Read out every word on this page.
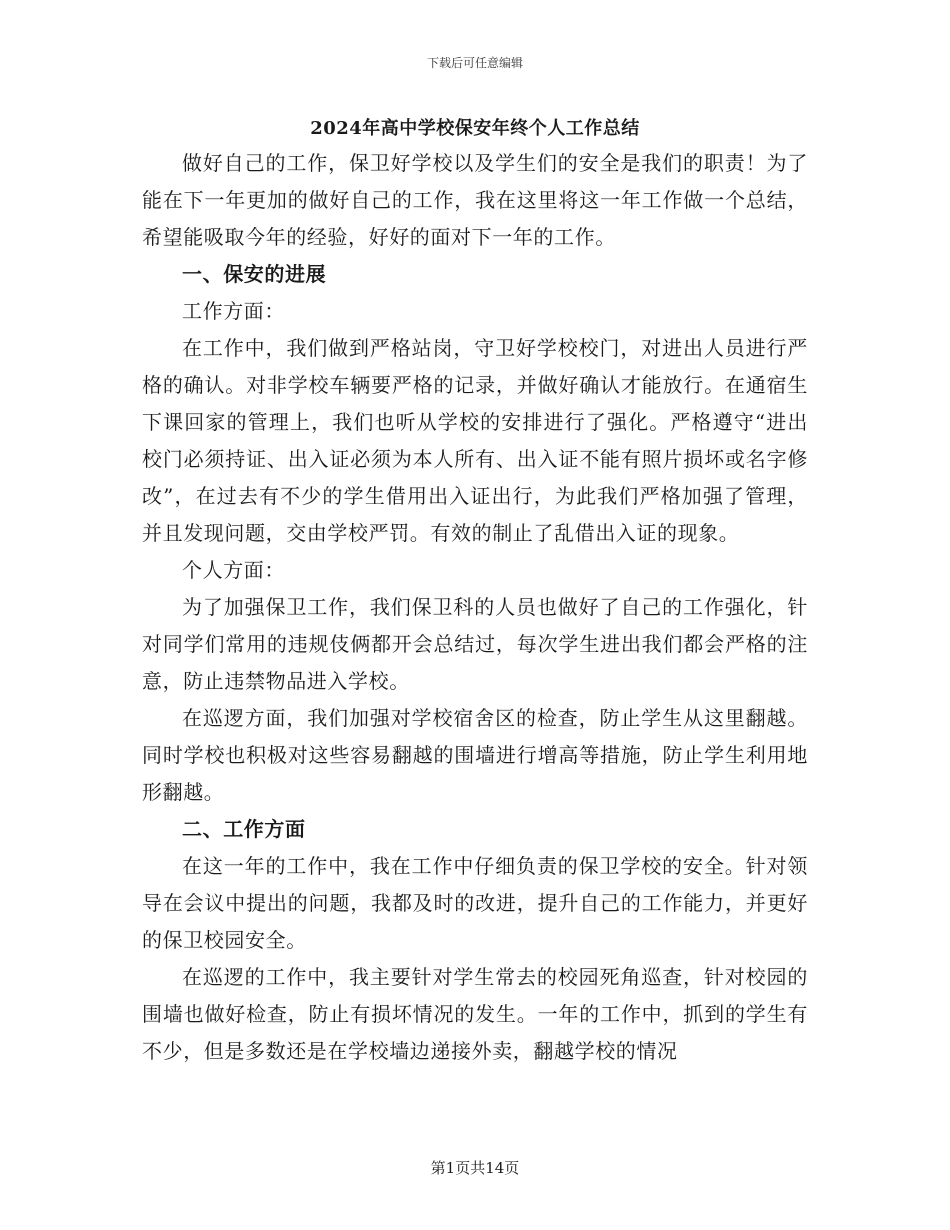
下载后可任意编辑
2024年高中学校保安年终个人工作总结

做好自己的工作，保卫好学校以及学生们的安全是我们的职责！为了能在下一年更加的做好自己的工作，我在这里将这一年工作做一个总结，希望能吸取今年的经验，好好的面对下一年的工作。

一、保安的进展

工作方面：

在工作中，我们做到严格站岗，守卫好学校校门，对进出人员进行严格的确认。对非学校车辆要严格的记录，并做好确认才能放行。在通宿生下课回家的管理上，我们也听从学校的安排进行了强化。严格遵守“进出校门必须持证、出入证必须为本人所有、出入证不能有照片损坏或名字修改”，在过去有不少的学生借用出入证出行，为此我们严格加强了管理，并且发现问题，交由学校严罚。有效的制止了乱借出入证的现象。

个人方面：

为了加强保卫工作，我们保卫科的人员也做好了自己的工作强化，针对同学们常用的违规伎俩都开会总结过，每次学生进出我们都会严格的注意，防止违禁物品进入学校。

在巡逻方面，我们加强对学校宿舍区的检查，防止学生从这里翻越。同时学校也积极对这些容易翻越的围墙进行增高等措施，防止学生利用地形翻越。

二、工作方面

在这一年的工作中，我在工作中仔细负责的保卫学校的安全。针对领导在会议中提出的问题，我都及时的改进，提升自己的工作能力，并更好的保卫校园安全。

在巡逻的工作中，我主要针对学生常去的校园死角巡查，针对校园的围墙也做好检查，防止有损坏情况的发生。一年的工作中，抓到的学生有不少，但是多数还是在学校墙边递接外卖，翻越学校的情况

第1页共14页
